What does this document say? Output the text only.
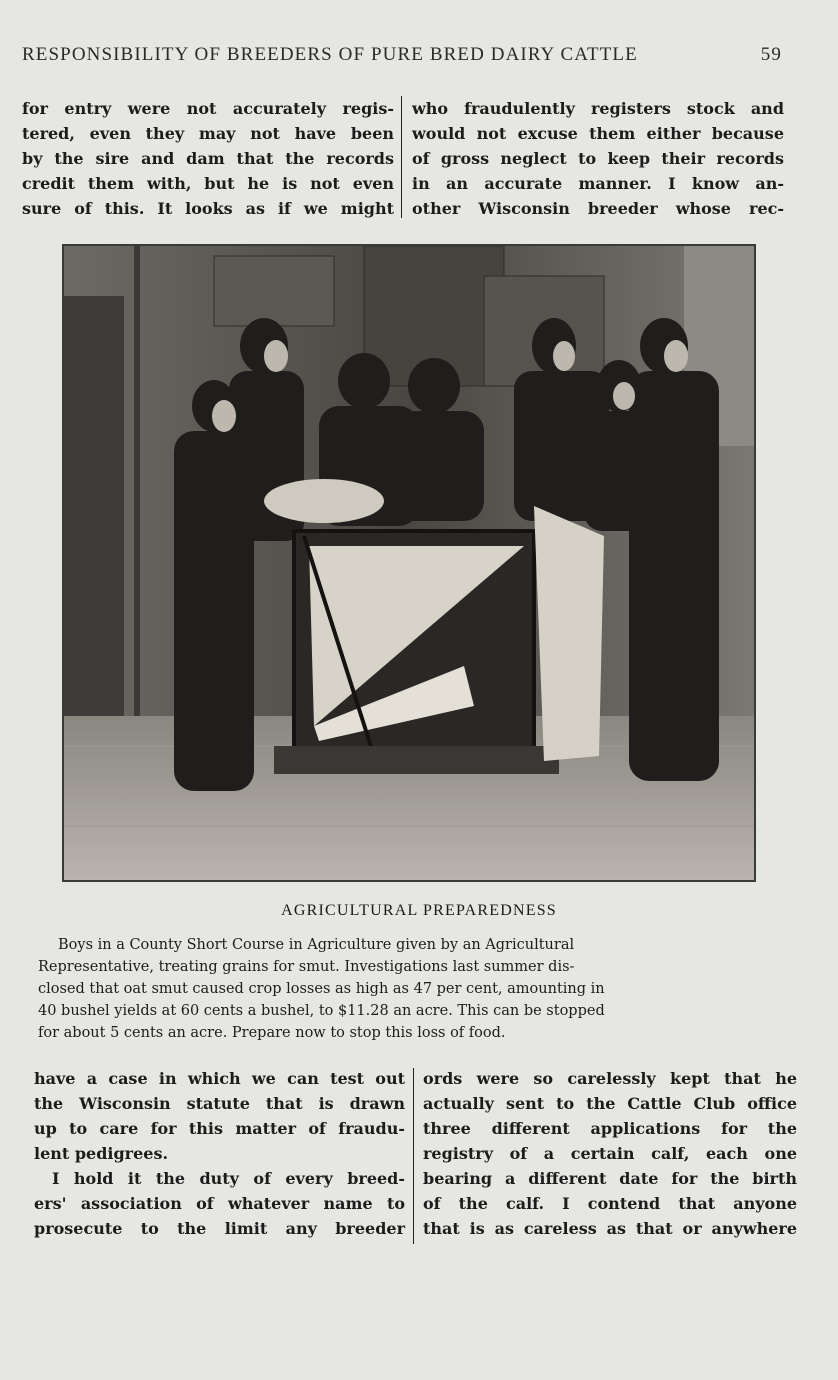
RESPONSIBILITY OF BREEDERS OF PURE BRED DAIRY CATTLE	59
for entry were not accurately regis-
tered, even they may not have been
by the sire and dam that the records
credit them with, but he is not even
sure of this. It looks as if we might
who fraudulently registers stock and
would not excuse them either because
of gross neglect to keep their records
in an accurate manner. I know an-
other Wisconsin breeder whose rec-
AGRICULTURAL PREPAREDNESS
Boys in a County Short Course in Agriculture given by an Agricultural
Representative, treating grains for smut. Investigations last summer dis-
closed that oat smut caused crop losses as high as 47 per cent, amounting in
40 bushel yields at 60 cents a bushel, to $11.28 an acre. This can be stopped
for about 5 cents an acre. Prepare now to stop this loss of food.
have a case in which we can test out
the Wisconsin statute that is drawn
up to care for this matter of fraudu-
lent pedigrees.
I hold it the duty of every breed-
ers' association of whatever name to
prosecute to the limit any breeder
ords were so carelessly kept that he
actually sent to the Cattle Club office
three different applications for the
registry of a certain calf, each one
bearing a different date for the birth
of the calf. I contend that anyone
that is as careless as that or anywhere
